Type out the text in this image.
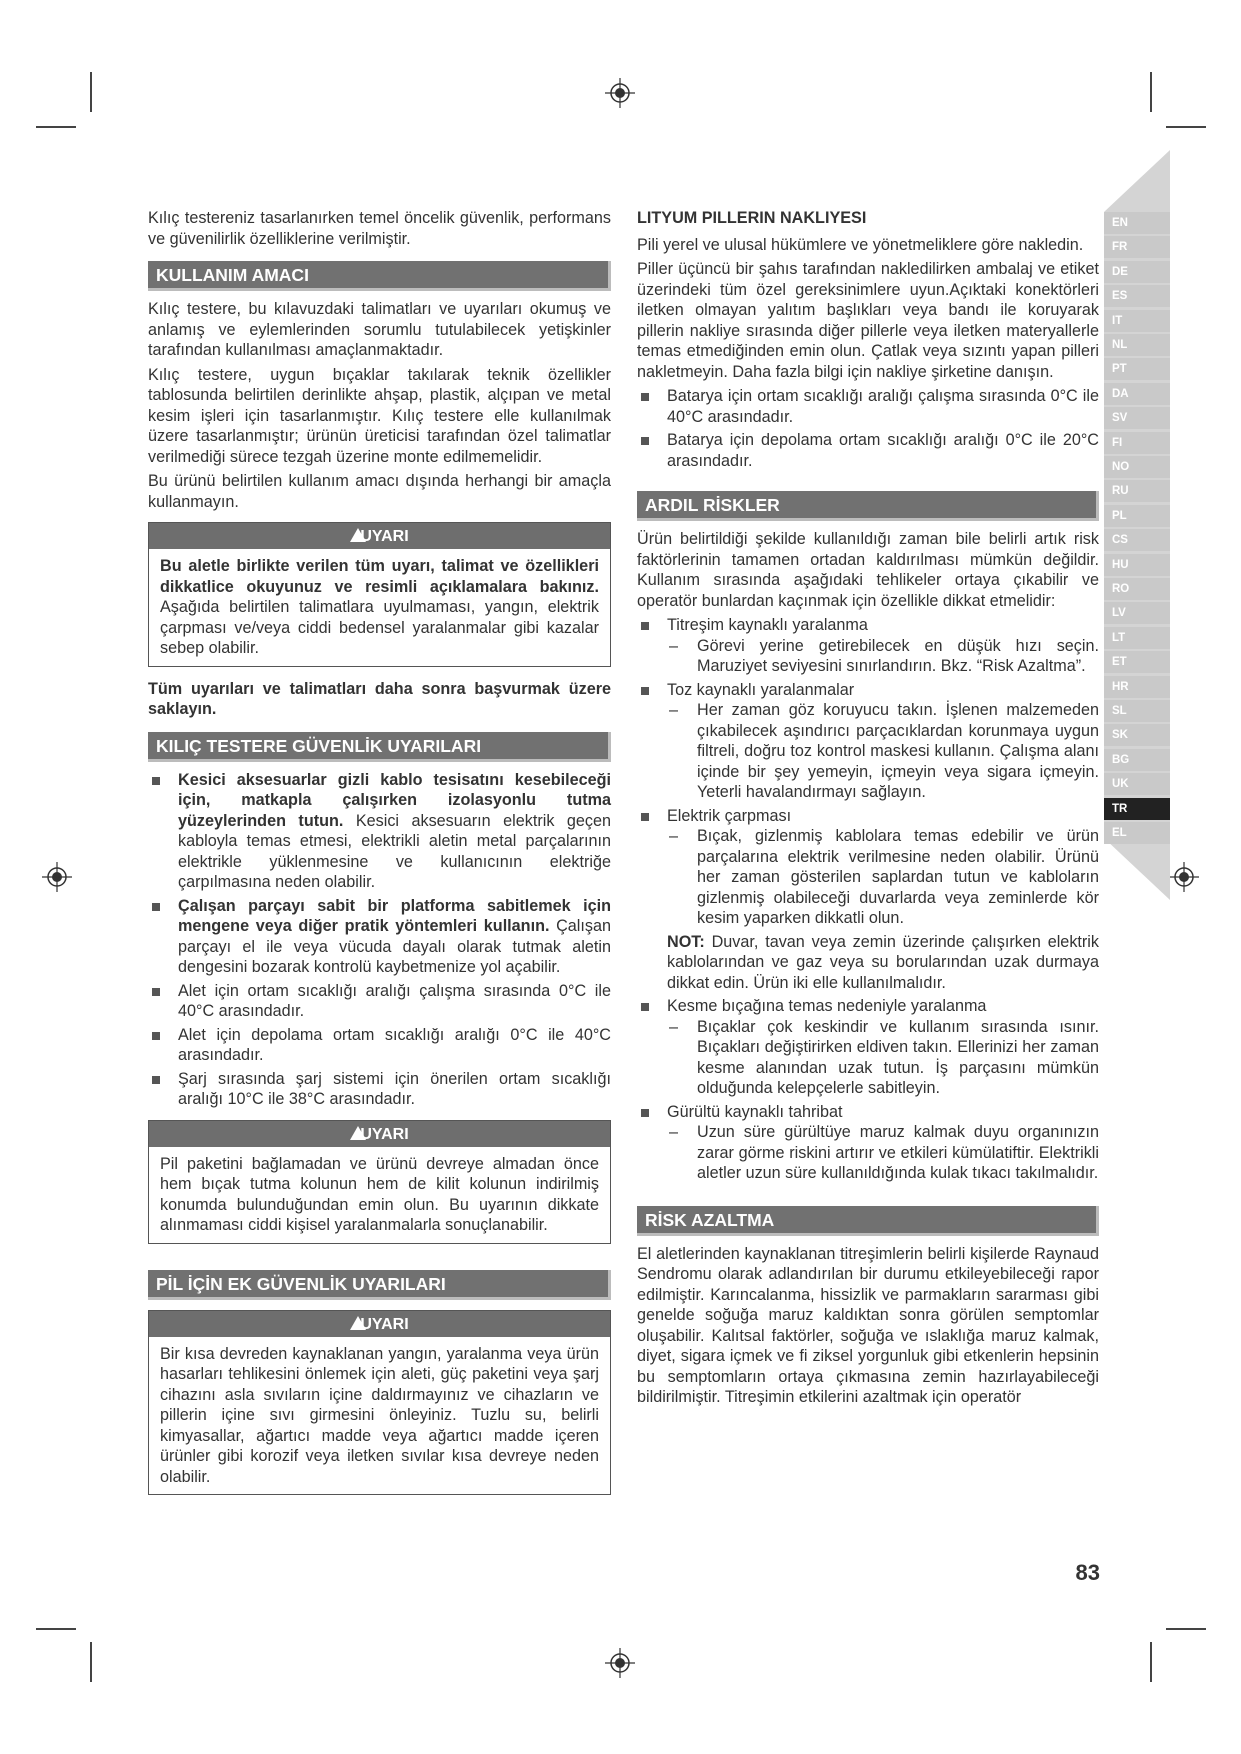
Kılıç testereniz tasarlanırken temel öncelik güvenlik, performans ve güvenilirlik özelliklerine verilmiştir.

KULLANIM AMACI

Kılıç testere, bu kılavuzdaki talimatları ve uyarıları okumuş ve anlamış ve eylemlerinden sorumlu tutulabilecek yetişkinler tarafından kullanılması amaçlanmaktadır.

Kılıç testere, uygun bıçaklar takılarak teknik özellikler tablosunda belirtilen derinlikte ahşap, plastik, alçıpan ve metal kesim işleri için tasarlanmıştır. Kılıç testere elle kullanılmak üzere tasarlanmıştır; ürünün üreticisi tarafından özel talimatlar verilmediği sürece tezgah üzerine monte edilmemelidir.

Bu ürünü belirtilen kullanım amacı dışında herhangi bir amaçla kullanmayın.

UYARI
Bu aletle birlikte verilen tüm uyarı, talimat ve özellikleri dikkatlice okuyunuz ve resimli açıklamalara bakınız. Aşağıda belirtilen talimatlara uyulmaması, yangın, elektrik çarpması ve/veya ciddi bedensel yaralanmalar gibi kazalar sebep olabilir.

Tüm uyarıları ve talimatları daha sonra başvurmak üzere saklayın.

KILIÇ TESTERE GÜVENLİK UYARILARI
Kesici aksesuarlar gizli kablo tesisatını kesebileceği için, matkapla çalışırken izolasyonlu tutma yüzeylerinden tutun. Kesici aksesuarın elektrik geçen kabloyla temas etmesi, elektrikli aletin metal parçalarının elektrikle yüklenmesine ve kullanıcının elektriğe çarpılmasına neden olabilir.
Çalışan parçayı sabit bir platforma sabitlemek için mengene veya diğer pratik yöntemleri kullanın. Çalışan parçayı el ile veya vücuda dayalı olarak tutmak aletin dengesini bozarak kontrolü kaybetmenize yol açabilir.
Alet için ortam sıcaklığı aralığı çalışma sırasında 0°C ile 40°C arasındadır.
Alet için depolama ortam sıcaklığı aralığı 0°C ile 40°C arasındadır.
Şarj sırasında şarj sistemi için önerilen ortam sıcaklığı aralığı 10°C ile 38°C arasındadır.
UYARI
Pil paketini bağlamadan ve ürünü devreye almadan önce hem bıçak tutma kolunun hem de kilit kolunun indirilmiş konumda bulunduğundan emin olun. Bu uyarının dikkate alınmaması ciddi kişisel yaralanmalarla sonuçlanabilir.
PİL İÇİN EK GÜVENLİK UYARILARI
UYARI
Bir kısa devreden kaynaklanan yangın, yaralanma veya ürün hasarları tehlikesini önlemek için aleti, güç paketini veya şarj cihazını asla sıvıların içine daldırmayınız ve cihazların ve pillerin içine sıvı girmesini önleyiniz. Tuzlu su, belirli kimyasallar, ağartıcı madde veya ağartıcı madde içeren ürünler gibi korozif veya iletken sıvılar kısa devreye neden olabilir.
LITYUM PILLERIN NAKLIYESI

Pili yerel ve ulusal hükümlere ve yönetmeliklere göre nakledin.

Piller üçüncü bir şahıs tarafından nakledilirken ambalaj ve etiket üzerindeki tüm özel gereksinimlere uyun.Açıktaki konektörleri iletken olmayan yalıtım başlıkları veya bandı ile koruyarak pillerin nakliye sırasında diğer pillerle veya iletken materyallerle temas etmediğinden emin olun. Çatlak veya sızıntı yapan pilleri nakletmeyin. Daha fazla bilgi için nakliye şirketine danışın.

Batarya için ortam sıcaklığı aralığı çalışma sırasında 0°C ile 40°C arasındadır.
Batarya için depolama ortam sıcaklığı aralığı 0°C ile 20°C arasındadır.
ARDIL RİSKLER

Ürün belirtildiği şekilde kullanıldığı zaman bile belirli artık risk faktörlerinin tamamen ortadan kaldırılması mümkün değildir. Kullanım sırasında aşağıdaki tehlikeler ortaya çıkabilir ve operatör bunlardan kaçınmak için özellikle dikkat etmelidir:

Titreşim kaynaklı yaralanma
– Görevi yerine getirebilecek en düşük hızı seçin. Maruziyet seviyesini sınırlandırın. Bkz. “Risk Azaltma”.
Toz kaynaklı yaralanmalar
– Her zaman göz koruyucu takın. İşlenen malzemeden çıkabilecek aşındırıcı parçacıklardan korunmaya uygun filtreli, doğru toz kontrol maskesi kullanın. Çalışma alanı içinde bir şey yemeyin, içmeyin veya sigara içmeyin. Yeterli havalandırmayı sağlayın.
Elektrik çarpması
– Bıçak, gizlenmiş kablolara temas edebilir ve ürün parçalarına elektrik verilmesine neden olabilir. Ürünü her zaman gösterilen saplardan tutun ve kabloların gizlenmiş olabileceği duvarlarda veya zeminlerde kör kesim yaparken dikkatli olun.
NOT: Duvar, tavan veya zemin üzerinde çalışırken elektrik kablolarından ve gaz veya su borularından uzak durmaya dikkat edin. Ürün iki elle kullanılmalıdır.
Kesme bıçağına temas nedeniyle yaralanma
– Bıçaklar çok keskindir ve kullanım sırasında ısınır. Bıçakları değiştirirken eldiven takın. Ellerinizi her zaman kesme alanından uzak tutun. İş parçasını mümkün olduğunda kelepçelerle sabitleyin.
Gürültü kaynaklı tahribat
– Uzun süre gürültüye maruz kalmak duyu organınızın zarar görme riskini artırır ve etkileri kümülatiftir. Elektrikli aletler uzun süre kullanıldığında kulak tıkacı takılmalıdır.
RİSK AZALTMA

El aletlerinden kaynaklanan titreşimlerin belirli kişilerde Raynaud Sendromu olarak adlandırılan bir durumu etkileyebileceği rapor edilmiştir. Karıncalanma, hissizlik ve parmakların sararması gibi genelde soğuğa maruz kaldıktan sonra görülen semptomlar oluşabilir. Kalıtsal faktörler, soğuğa ve ıslaklığa maruz kalmak, diyet, sigara içmek ve fi ziksel yorgunluk gibi etkenlerin hepsinin bu semptomların ortaya çıkmasına zemin hazırlayabileceği bildirilmiştir. Titreşimin etkilerini azaltmak için operatör

EN
FR
DE
ES
IT
NL
PT
DA
SV
FI
NO
RU
PL
CS
HU
RO
LV
LT
ET
HR
SL
SK
BG
UK
TR
EL
83
